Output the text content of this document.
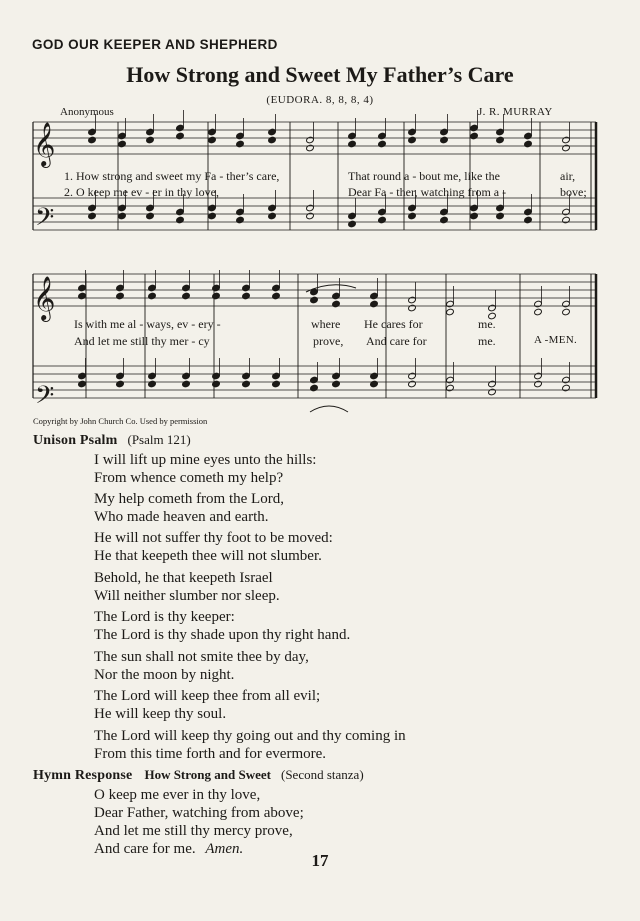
GOD OUR KEEPER AND SHEPHERD
How Strong and Sweet My Father’s Care
(EUDORA. 8, 8, 8, 4)
Anonymous	J. R. MURRAY
𝄞
𝄢
𝄞
𝄢
1. How strong and sweet my Fa - ther’s care,	That round a - bout me, like the	air,
2. O keep me ev - er in thy love,	Dear Fa - ther, watching from a -	bove;
Is with me al - ways, ev - ery -	where He cares for	me.
And let me still thy mer - cy	prove, And care for	me.	A -MEN.
Copyright by John Church Co. Used by permission
Unison Psalm (Psalm 121)
I will lift up mine eyes unto the hills:
From whence cometh my help?
My help cometh from the Lord,
Who made heaven and earth.
He will not suffer thy foot to be moved:
He that keepeth thee will not slumber.
Behold, he that keepeth Israel
Will neither slumber nor sleep.
The Lord is thy keeper:
The Lord is thy shade upon thy right hand.
The sun shall not smite thee by day,
Nor the moon by night.
The Lord will keep thee from all evil;
He will keep thy soul.
The Lord will keep thy going out and thy coming in
From this time forth and for evermore.
Hymn Response How Strong and Sweet (Second stanza)
O keep me ever in thy love,
Dear Father, watching from above;
And let me still thy mercy prove,
And care for me. Amen.
17
